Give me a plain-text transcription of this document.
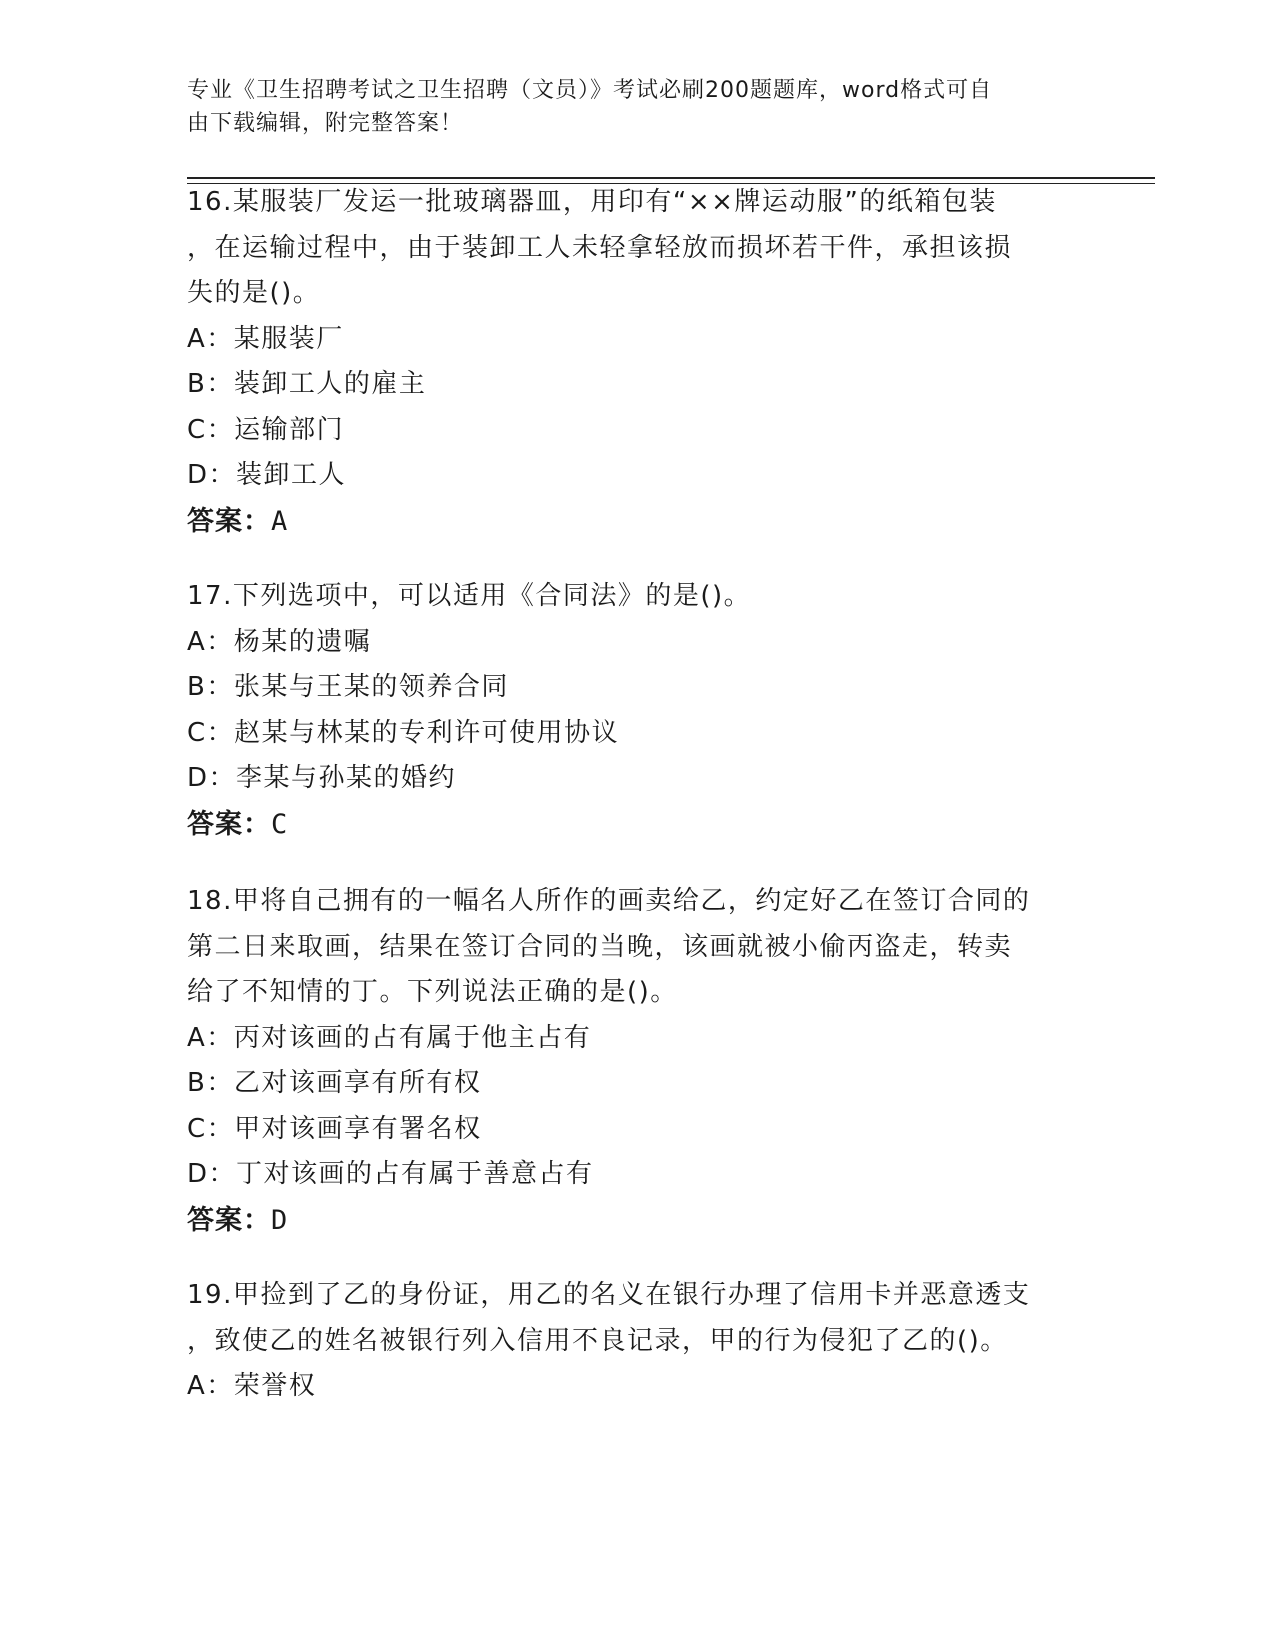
专业《卫生招聘考试之卫生招聘（文员）》考试必刷200题题库，word格式可自
由下载编辑，附完整答案！

16.某服装厂发运一批玻璃器皿，用印有“××牌运动服”的纸箱包装

，在运输过程中，由于装卸工人未轻拿轻放而损坏若干件，承担该损

失的是()。

A：某服装厂

B：装卸工人的雇主

C：运输部门

D：装卸工人

答案：A

17.下列选项中，可以适用《合同法》的是()。

A：杨某的遗嘱

B：张某与王某的领养合同

C：赵某与林某的专利许可使用协议

D：李某与孙某的婚约

答案：C

18.甲将自己拥有的一幅名人所作的画卖给乙，约定好乙在签订合同的

第二日来取画，结果在签订合同的当晚，该画就被小偷丙盗走，转卖

给了不知情的丁。下列说法正确的是()。

A：丙对该画的占有属于他主占有

B：乙对该画享有所有权

C：甲对该画享有署名权

D：丁对该画的占有属于善意占有

答案：D

19.甲捡到了乙的身份证，用乙的名义在银行办理了信用卡并恶意透支

，致使乙的姓名被银行列入信用不良记录，甲的行为侵犯了乙的()。

A：荣誉权
